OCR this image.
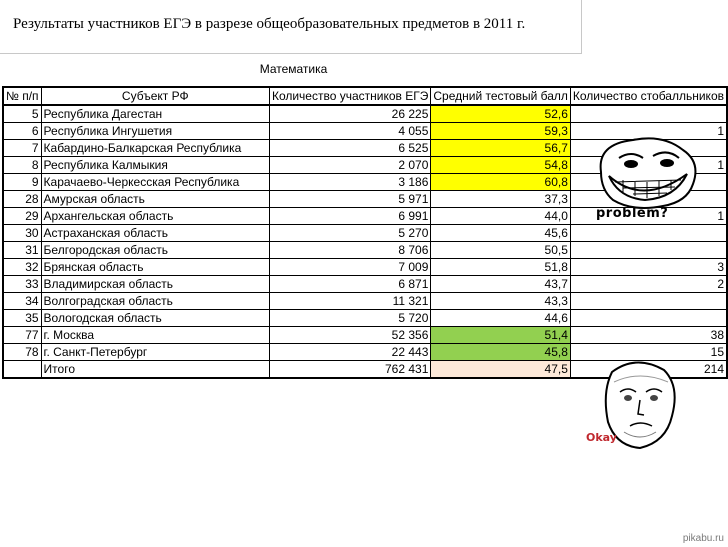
Результаты участников ЕГЭ в разрезе общеобразовательных предметов в 2011 г.
Математика
№ п/п	Субъект РФ	Количество участников ЕГЭ	Средний тестовый балл	Количество стобалльников
5	Республика Дагестан	26 225	52,6	
6	Республика Ингушетия	4 055	59,3	1
7	Кабардино-Балкарская Республика	6 525	56,7	
8	Республика Калмыкия	2 070	54,8	1
9	Карачаево-Черкесская Республика	3 186	60,8	
28	Амурская область	5 971	37,3	
29	Архангельская область	6 991	44,0	1
30	Астраханская область	5 270	45,6	
31	Белгородская область	8 706	50,5	
32	Брянская область	7 009	51,8	3
33	Владимирская область	6 871	43,7	2
34	Волгоградская область	11 321	43,3	
35	Вологодская область	5 720	44,6	
77	г. Москва	52 356	51,4	38
78	г. Санкт-Петербург	22 443	45,8	15
	Итого	762 431	47,5	214
problem?
Okay
pikabu.ru
